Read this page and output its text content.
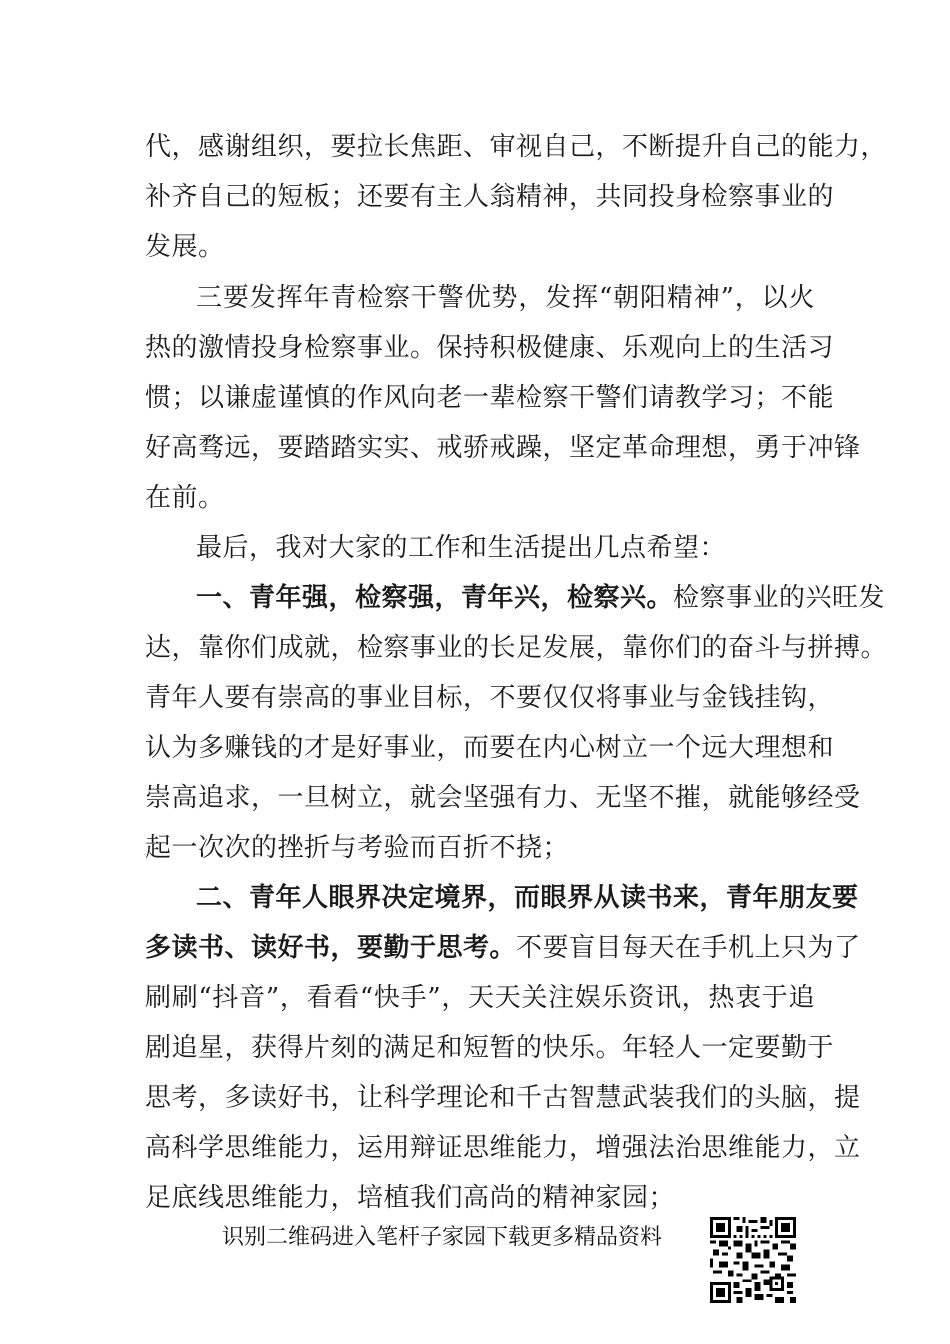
代，感谢组织，要拉长焦距、审视自己，不断提升自己的能力，
补齐自己的短板；还要有主人翁精神，共同投身检察事业的
发展。
三要发挥年青检察干警优势，发挥“朝阳精神”，以火
热的激情投身检察事业。保持积极健康、乐观向上的生活习
惯；以谦虚谨慎的作风向老一辈检察干警们请教学习；不能
好高骛远，要踏踏实实、戒骄戒躁，坚定革命理想，勇于冲锋
在前。
最后，我对大家的工作和生活提出几点希望：
一、青年强，检察强，青年兴，检察兴。检察事业的兴旺发
达，靠你们成就，检察事业的长足发展，靠你们的奋斗与拼搏。
青年人要有崇高的事业目标，不要仅仅将事业与金钱挂钩，
认为多赚钱的才是好事业，而要在内心树立一个远大理想和
崇高追求，一旦树立，就会坚强有力、无坚不摧，就能够经受
起一次次的挫折与考验而百折不挠；
二、青年人眼界决定境界，而眼界从读书来，青年朋友要
多读书、读好书，要勤于思考。不要盲目每天在手机上只为了
刷刷“抖音”，看看“快手”，天天关注娱乐资讯，热衷于追
剧追星，获得片刻的满足和短暂的快乐。年轻人一定要勤于
思考，多读好书，让科学理论和千古智慧武装我们的头脑，提
高科学思维能力，运用辩证思维能力，增强法治思维能力，立
足底线思维能力，培植我们高尚的精神家园；
识别二维码进入笔杆子家园下载更多精品资料
